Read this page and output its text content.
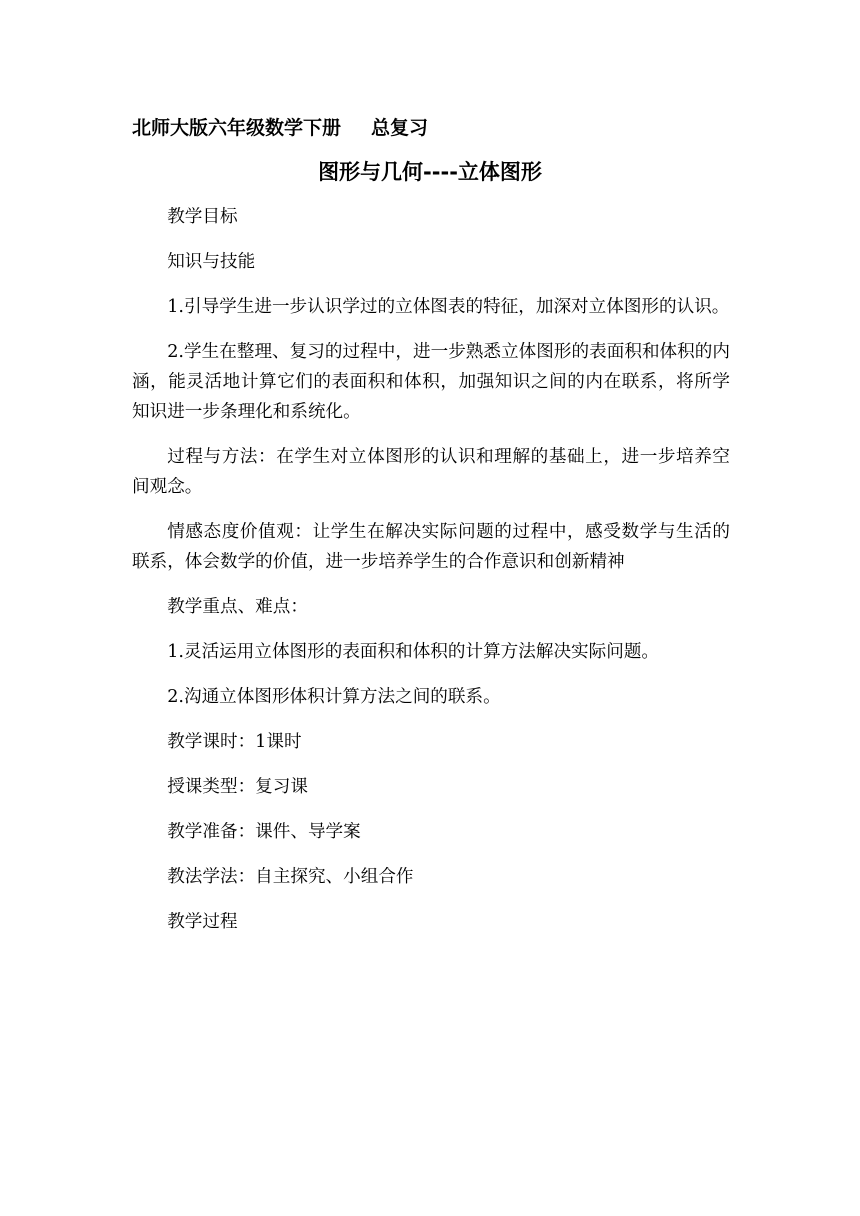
北师大版六年级数学下册 总复习
图形与几何----立体图形

教学目标

知识与技能

1.引导学生进一步认识学过的立体图表的特征，加深对立体图形的认识。

2.学生在整理、复习的过程中，进一步熟悉立体图形的表面积和体积的内涵，能灵活地计算它们的表面积和体积，加强知识之间的内在联系，将所学知识进一步条理化和系统化。

过程与方法：在学生对立体图形的认识和理解的基础上，进一步培养空间观念。

情感态度价值观：让学生在解决实际问题的过程中，感受数学与生活的联系，体会数学的价值，进一步培养学生的合作意识和创新精神

教学重点、难点：

1.灵活运用立体图形的表面积和体积的计算方法解决实际问题。

2.沟通立体图形体积计算方法之间的联系。

教学课时：1课时

授课类型：复习课

教学准备：课件、导学案

教法学法：自主探究、小组合作

教学过程
